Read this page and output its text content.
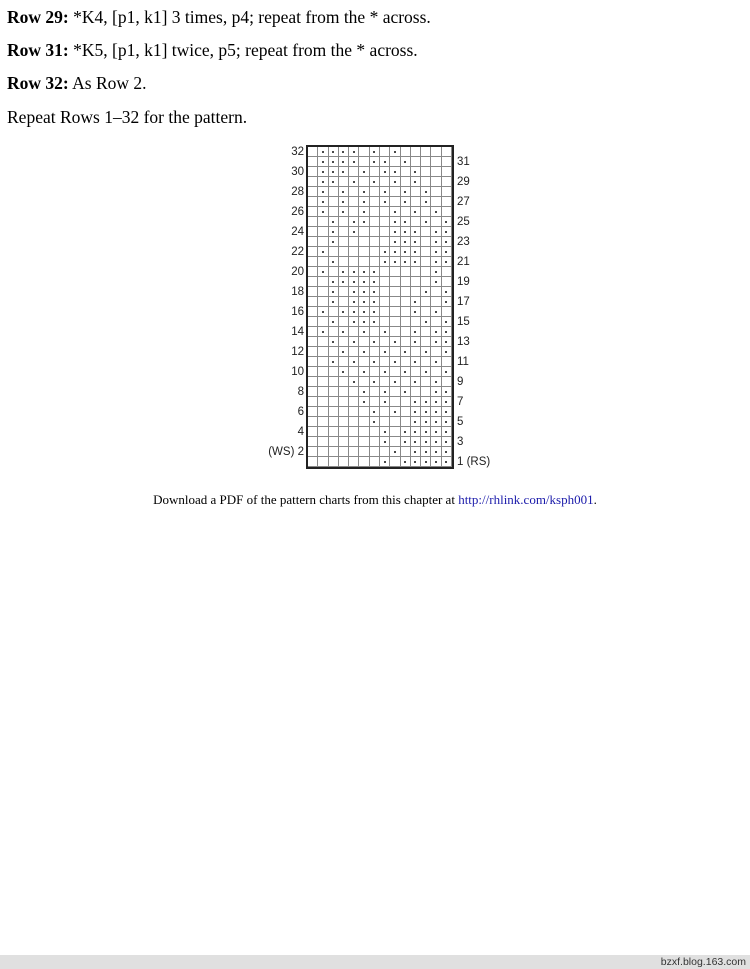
Row 29: *K4, [p1, k1] 3 times, p4; repeat from the * across.

Row 31: *K5, [p1, k1] twice, p5; repeat from the * across.

Row 32: As Row 2.

Repeat Rows 1–32 for the pattern.

32
30
28
26
24
22
20
18
16
14
12
10
8
6
4
(WS) 2
31
29
27
25
23
21
19
17
15
13
11
9
7
5
3
1 (RS)
Download a PDF of the pattern charts from this chapter at http://rhlink.com/ksph001.
bzxf.blog.163.com
